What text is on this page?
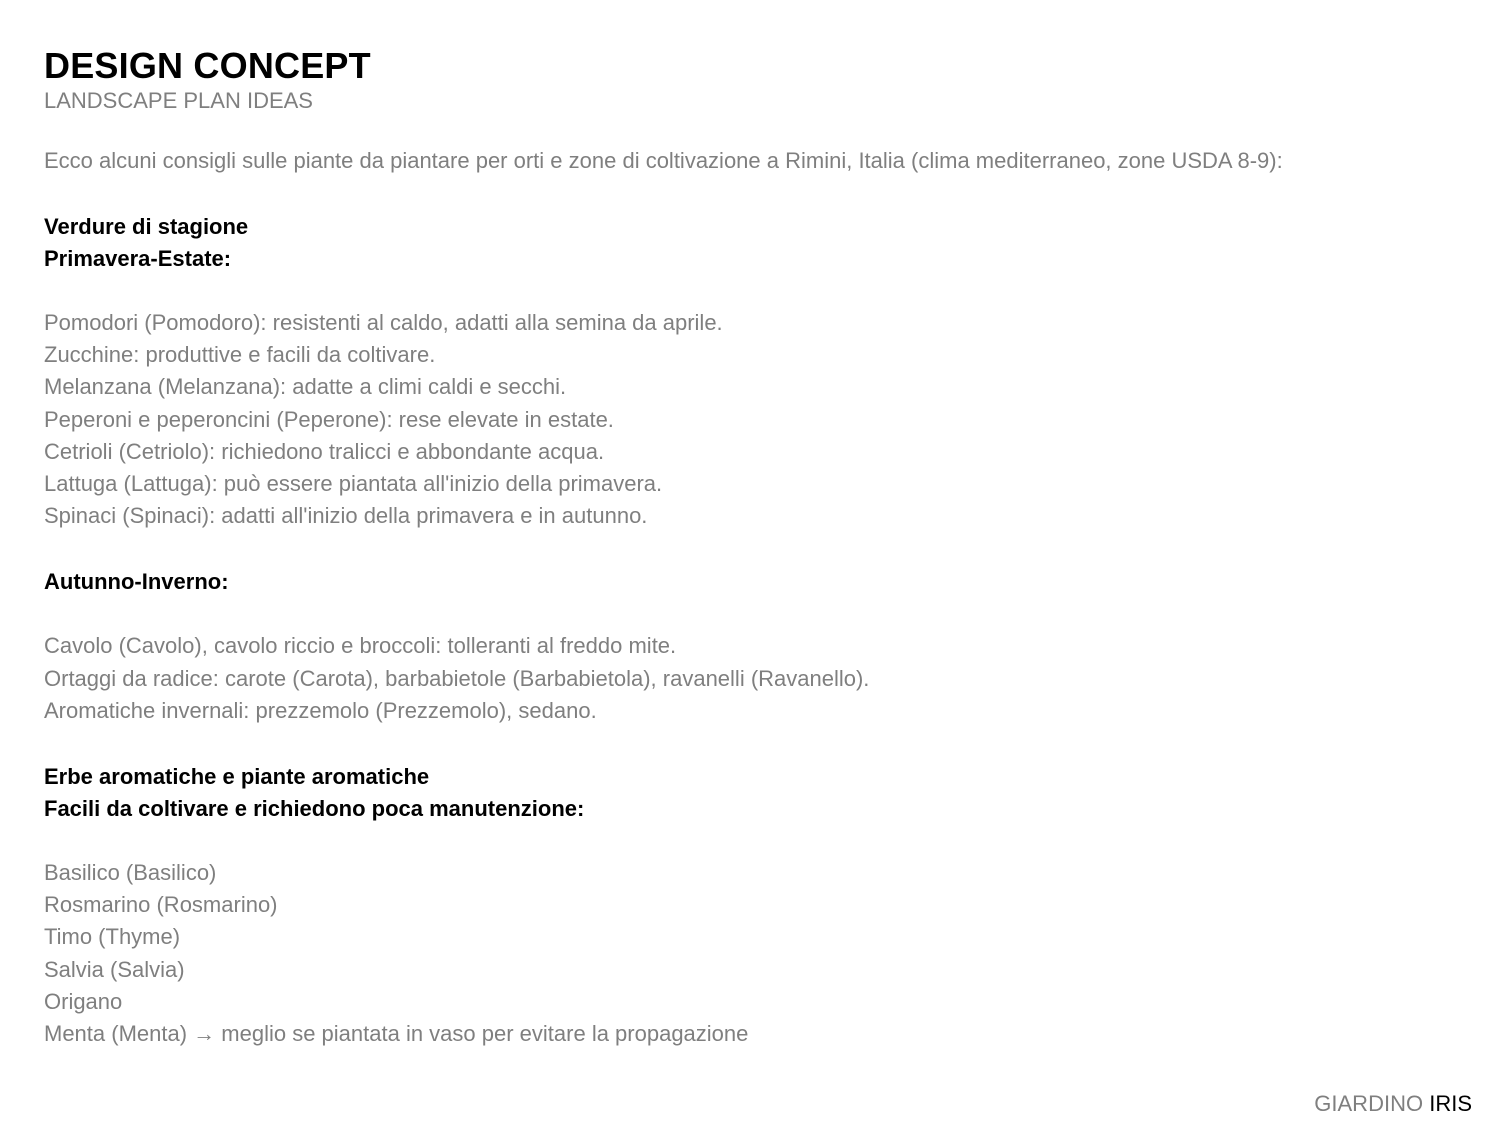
DESIGN CONCEPT
LANDSCAPE PLAN IDEAS
Ecco alcuni consigli sulle piante da piantare per orti e zone di coltivazione a Rimini, Italia (clima mediterraneo, zone USDA 8-9):
Verdure di stagione
Primavera-Estate:
Pomodori (Pomodoro): resistenti al caldo, adatti alla semina da aprile.
Zucchine: produttive e facili da coltivare.
Melanzana (Melanzana): adatte a climi caldi e secchi.
Peperoni e peperoncini (Peperone): rese elevate in estate.
Cetrioli (Cetriolo): richiedono tralicci e abbondante acqua.
Lattuga (Lattuga): può essere piantata all'inizio della primavera.
Spinaci (Spinaci): adatti all'inizio della primavera e in autunno.
Autunno-Inverno:
Cavolo (Cavolo), cavolo riccio e broccoli: tolleranti al freddo mite.
Ortaggi da radice: carote (Carota), barbabietole (Barbabietola), ravanelli (Ravanello).
Aromatiche invernali: prezzemolo (Prezzemolo), sedano.
Erbe aromatiche e piante aromatiche
Facili da coltivare e richiedono poca manutenzione:
Basilico (Basilico)
Rosmarino (Rosmarino)
Timo (Thyme)
Salvia (Salvia)
Origano
Menta (Menta) → meglio se piantata in vaso per evitare la propagazione
GIARDINO IRIS
